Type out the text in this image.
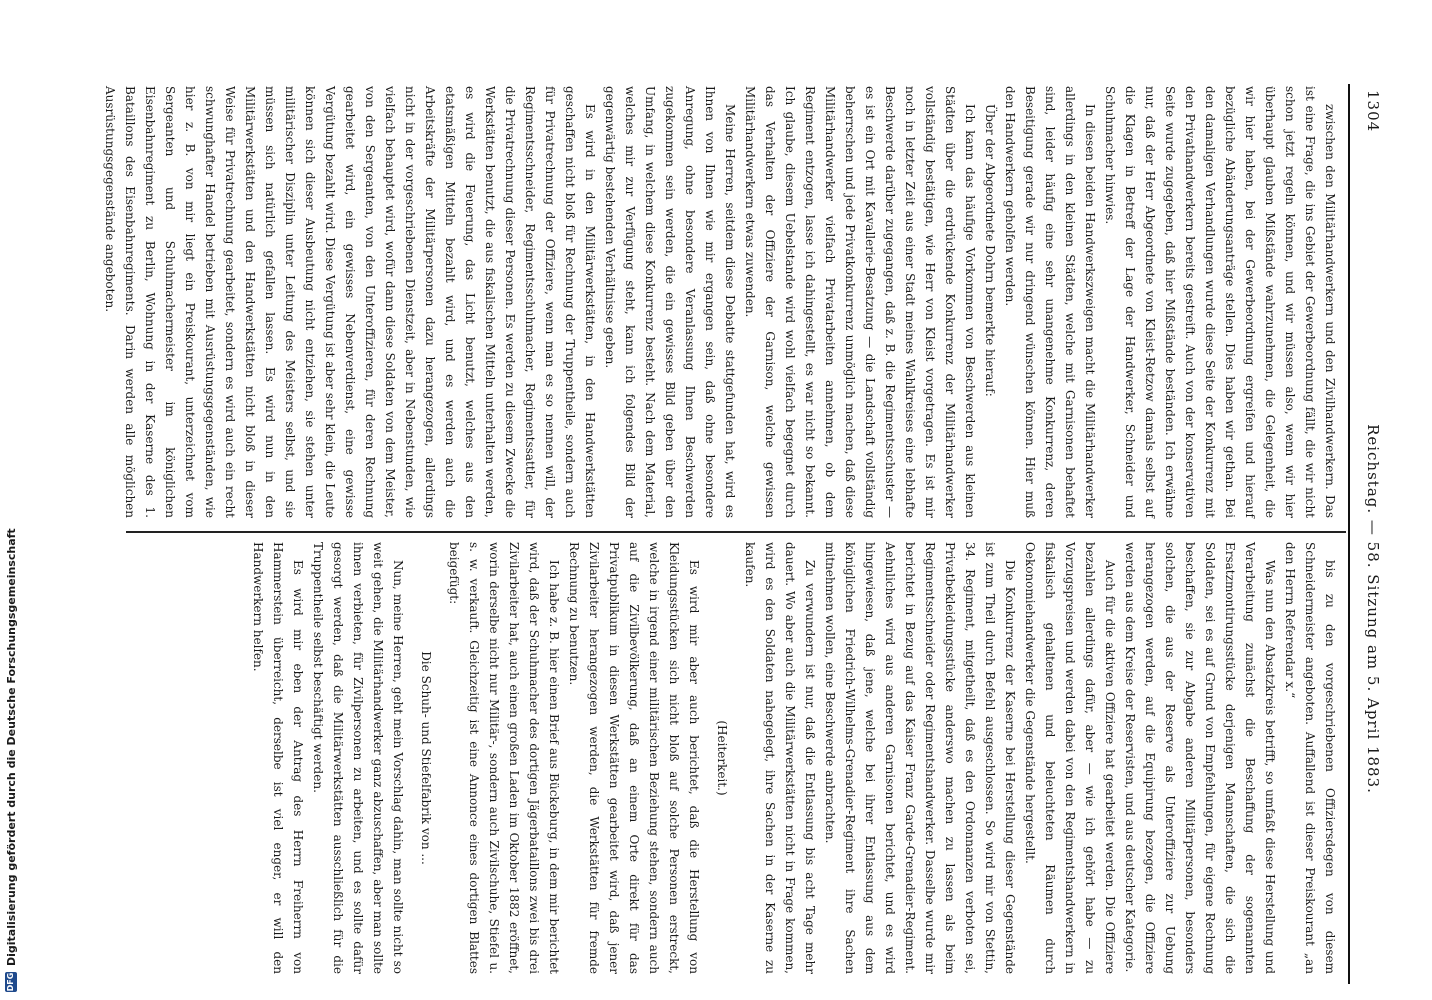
1304
Reichstag. — 58. Sitzung am 5. April 1883.

zwischen den Militärhandwerkern und den Zivilhandwerkern. Das ist eine Frage, die ins Gebiet der Gewerbeordnung fällt, die wir nicht schon jetzt regeln können, und wir müssen also, wenn wir hier überhaupt glauben Mißstände wahrzunehmen, die Gelegenheit, die wir hier haben, bei der Gewerbeordnung ergreifen und hierauf bezügliche Abänderungsanträge stellen. Dies haben wir gethan. Bei den damaligen Verhandlungen wurde diese Seite der Konkurrenz mit den Privathandwerkern bereits gestreift. Auch von der konservativen Seite wurde zugegeben, daß hier Mißstände beständen. Ich erwähne nur, daß der Herr Abgeordnete von Kleist-Retzow damals selbst auf die Klagen in Betreff der Lage der Handwerker, Schneider und Schuhmacher hinwies.

In diesen beiden Handwerkszweigen macht die Militärhandwerker allerdings in den kleinen Städten, welche mit Garnisonen behaftet sind, leider häufig eine sehr unangenehme Konkurrenz, deren Beseitigung gerade wir nur dringend wünschen können. Hier muß den Handwerkern geholfen werden.

Über der Abgeordnete Dohrn bemerkte hierauf:

Ich kann das häufige Vorkommen von Beschwerden aus kleinen Städten über die erdrückende Konkurrenz der Militärhandwerker vollständig bestätigen, wie Herr von Kleist vorgetragen. Es ist mir noch in letzter Zeit aus einer Stadt meines Wahlkreises eine lebhafte Beschwerde darüber zugegangen, daß z. B. die Regimentsschuster — es ist ein Ort mit Kavallerie-Besatzung — die Landschaft vollständig beherrschen und jede Privatkonkurrenz unmöglich machen, daß diese Militärhandwerker vielfach Privatarbeiten annehmen, ob dem Regiment entzogen, lasse ich dahingestellt, es war nicht so bekannt. Ich glaube, diesem Uebelstande wird wohl vielfach begegnet durch das Verhalten der Offiziere der Garnison, welche gewissen Militärhandwerkern etwas zuwenden.

Meine Herren, seitdem diese Debatte stattgefunden hat, wird es Ihnen von Ihnen wie mir ergangen sein, daß ohne besondere Anregung, ohne besondere Veranlassung Ihnen Beschwerden zugekommen sein werden, die ein gewisses Bild geben über den Umfang, in welchem diese Konkurrenz besteht. Nach dem Material, welches mir zur Verfügung steht, kann ich folgendes Bild der gegenwärtig bestehenden Verhältnisse geben.

Es wird in den Militärwerkstätten, in den Handwerkstätten geschaffen nicht bloß für Rechnung der Truppentheile, sondern auch für Privatrechnung der Offiziere, wenn man es so nennen will, der Regimentsschneider, Regimentsschuhmacher, Regimentssattler, für die Privatrechnung dieser Personen. Es werden zu diesem Zwecke die Werkstätten benutzt, die aus fiskalischen Mitteln unterhalten werden, es wird die Feuerung, das Licht benutzt, welches aus den etatsmäßigen Mitteln bezahlt wird, und es werden auch die Arbeitskräfte der Militärpersonen dazu herangezogen, allerdings nicht in der vorgeschriebenen Dienstzeit, aber in Nebenstunden, wie vielfach behauptet wird, wofür dann diese Soldaten von dem Meister, von den Sergeanten, von den Unteroffizieren, für deren Rechnung gearbeitet wird, ein gewisses Nebenverdienst, eine gewisse Vergütung bezahlt wird. Diese Vergütung ist aber sehr klein, die Leute können sich dieser Ausbeutung nicht entziehen, sie stehen unter militärischer Disziplin unter Leitung des Meisters selbst, und sie müssen sich natürlich gefallen lassen. Es wird nun in den Militärwerkstätten und den Handwerkstätten nicht bloß in dieser Weise für Privatrechnung gearbeitet, sondern es wird auch ein recht schwunghafter Handel betrieben mit Ausrüstungsgegenständen, wie hier z. B. von mir liegt ein Preiskourant, unterzeichnet vom Sergeanten und Schuhmachermeister im königlichen Eisenbahnregiment zu Berlin, Wohnung in der Kaserne des 1. Bataillons des Eisenbahnregiments. Darin werden alle möglichen Ausrüstungsgegenstände angeboten.

bis zu den vorgeschriebenen Offiziersdegen von diesem Schneidermeister angeboten. Auffallend ist dieser Preiskourant „an den Herrn Referendar x.“

Was nun den Absatzkreis betrifft, so umfaßt diese Herstellung und Verarbeitung zunächst die Beschaffung der sogenannten Ersatzmontirungsstücke derjenigen Mannschaften, die sich die Soldaten, sei es auf Grund von Empfehlungen, für eigene Rechnung beschaffen, sie zur Abgabe anderen Militärpersonen, besonders solchen, die aus der Reserve als Unteroffiziere zur Uebung herangezogen werden, auf die Equipirung bezogen, die Offiziere werden aus dem Kreise der Reservisten, und aus deutscher Kategorie.

Auch für die aktiven Offiziere hat gearbeitet werden. Die Offiziere bezahlen allerdings dafür, aber — wie ich gehört habe — zu Vorzugspreisen und werden dabei von den Regimentshandwerkern in fiskalisch gehaltenen und beleuchteten Räumen durch Oekonomiehandwerker die Gegenstände hergestellt.

Die Konkurrenz der Kaserne bei Herstellung dieser Gegenstände ist zum Theil durch Befehl ausgeschlossen. So wird mir von Stettin, 34. Regiment, mitgetheilt, daß es den Ordonnanzen verboten sei, Privatbekleidungsstücke anderswo machen zu lassen als beim Regimentsschneider oder Regimentshandwerker. Dasselbe wurde mir berichtet in Bezug auf das Kaiser Franz Garde-Grenadier-Regiment. Aehnliches wird aus anderen Garnisonen berichtet, und es wird hingewiesen, daß jene, welche bei ihrer Entlassung aus dem königlichen Friedrich-Wilhelms-Grenadier-Regiment ihre Sachen mitnehmen wollen, eine Beschwerde anbrachten.

Zu verwundern ist nur, daß die Entlassung bis acht Tage mehr dauert. Wo aber auch die Militärwerkstätten nicht in Frage kommen, wird es den Soldaten nahegelegt, ihre Sachen in der Kaserne zu kaufen.

(Heiterkeit.)

Es wird mir aber auch berichtet, daß die Herstellung von Kleidungsstücken sich nicht bloß auf solche Personen erstreckt, welche in irgend einer militärischen Beziehung stehen, sondern auch auf die Zivilbevölkerung, daß an einem Orte direkt für das Privatpublikum in diesen Werkstätten gearbeitet wird, daß jener Zivilarbeiter herangezogen werden, die Werkstätten für fremde Rechnung zu benutzen.

Ich habe z. B. hier einen Brief aus Bückeburg, in dem mir berichtet wird, daß der Schuhmacher des dortigen Jägerbataillons zwei bis drei Zivilarbeiter hat, auch einen großen Laden im Oktober 1882 eröffnet, worin derselbe nicht nur Militär-, sondern auch Zivilschuhe, Stiefel u. s. w. verkauft. Gleichzeitig ist eine Annonce eines dortigen Blattes beigefügt:

Die Schuh- und Stiefelfabrik von ...

Nun, meine Herren, geht mein Vorschlag dahin, man sollte nicht so weit gehen, die Militärhandwerker ganz abzuschaffen, aber man sollte ihnen verbieten, für Zivilpersonen zu arbeiten, und es sollte dafür gesorgt werden, daß die Militärwerkstätten ausschließlich für die Truppentheile selbst beschäftigt werden.

Es wird mir eben der Antrag des Herrn Freiherrn von Hammerstein überreicht, derselbe ist viel enger, er will den Handwerkern helfen.

DFG
Digitalisierung gefördert durch die Deutsche Forschungsgemeinschaft
